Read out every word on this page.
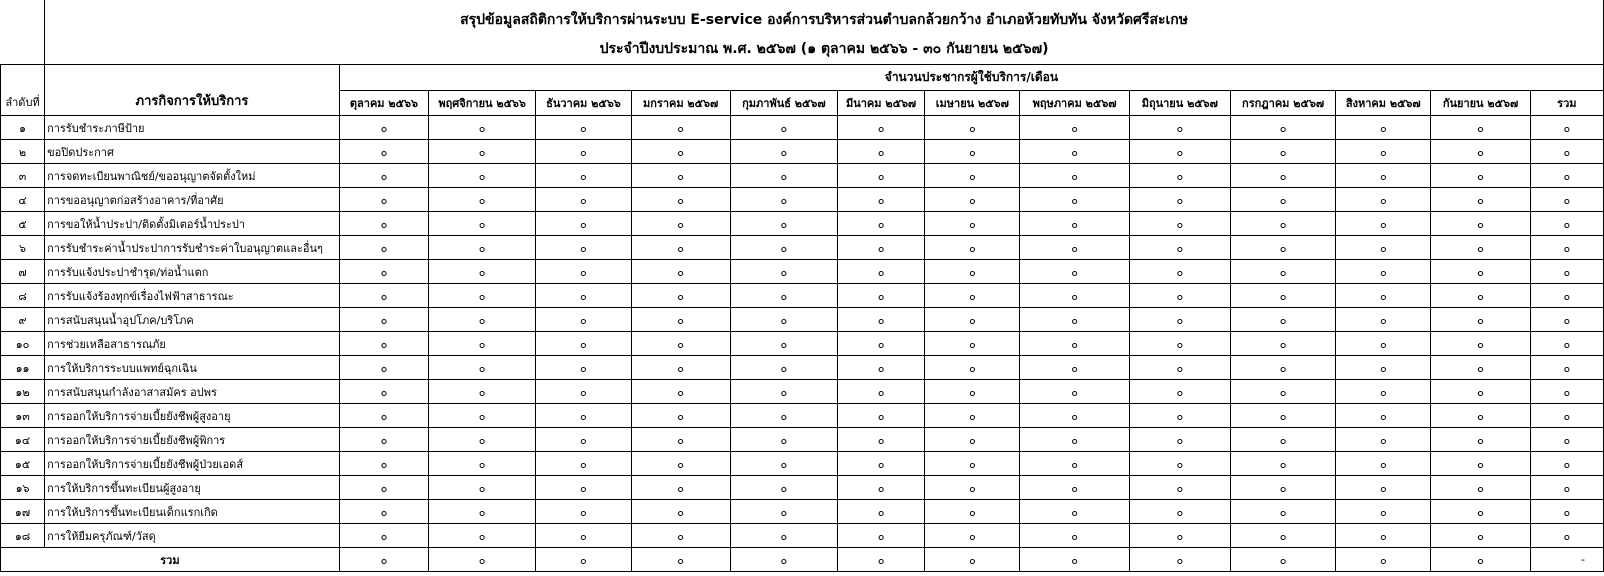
	สรุปข้อมูลสถิติการให้บริการผ่านระบบ E-service องค์การบริหารส่วนตำบลกล้วยกว้าง อำเภอห้วยทับทัน จังหวัดศรีสะเกษ													
	ประจำปีงบประมาณ พ.ศ. ๒๕๖๗ (๑ ตุลาคม ๒๕๖๖ - ๓๐ กันยายน ๒๕๖๗)													
ลำดับที่	ภารกิจการให้บริการ	จำนวนประชากรผู้ใช้บริการ/เดือน												
		ตุลาคม ๒๕๖๖	พฤศจิกายน ๒๕๖๖	ธันวาคม ๒๕๖๖	มกราคม ๒๕๖๗	กุมภาพันธ์ ๒๕๖๗	มีนาคม ๒๕๖๗	เมษายน ๒๕๖๗	พฤษภาคม ๒๕๖๗	มิถุนายน ๒๕๖๗	กรกฎาคม ๒๕๖๗	สิงหาคม ๒๕๖๗	กันยายน ๒๕๖๗	รวม
๑	การรับชำระภาษีป้าย	๐	๐	๐	๐	๐	๐	๐	๐	๐	๐	๐	๐	๐
๒	ขอปิดประกาศ	๐	๐	๐	๐	๐	๐	๐	๐	๐	๐	๐	๐	๐
๓	การจดทะเบียนพาณิชย์/ขออนุญาตจัดตั้งใหม่	๐	๐	๐	๐	๐	๐	๐	๐	๐	๐	๐	๐	๐
๔	การขออนุญาตก่อสร้างอาคาร/ที่อาศัย	๐	๐	๐	๐	๐	๐	๐	๐	๐	๐	๐	๐	๐
๕	การขอให้น้ำประปา/ติดตั้งมิเตอร์น้ำประปา	๐	๐	๐	๐	๐	๐	๐	๐	๐	๐	๐	๐	๐
๖	การรับชำระค่าน้ำประปาการรับชำระค่าใบอนุญาตและอื่นๆ	๐	๐	๐	๐	๐	๐	๐	๐	๐	๐	๐	๐	๐
๗	การรับแจ้งประปาชำรุด/ท่อน้ำแตก	๐	๐	๐	๐	๐	๐	๐	๐	๐	๐	๐	๐	๐
๘	การรับแจ้งร้องทุกข์เรื่องไฟฟ้าสาธารณะ	๐	๐	๐	๐	๐	๐	๐	๐	๐	๐	๐	๐	๐
๙	การสนับสนุนน้ำอุปโภค/บริโภค	๐	๐	๐	๐	๐	๐	๐	๐	๐	๐	๐	๐	๐
๑๐	การช่วยเหลือสาธารณภัย	๐	๐	๐	๐	๐	๐	๐	๐	๐	๐	๐	๐	๐
๑๑	การให้บริการระบบแพทย์ฉุกเฉิน	๐	๐	๐	๐	๐	๐	๐	๐	๐	๐	๐	๐	๐
๑๒	การสนับสนุนกำลังอาสาสมัคร อปพร	๐	๐	๐	๐	๐	๐	๐	๐	๐	๐	๐	๐	๐
๑๓	การออกให้บริการจ่ายเบี้ยยังชีพผู้สูงอายุ	๐	๐	๐	๐	๐	๐	๐	๐	๐	๐	๐	๐	๐
๑๔	การออกให้บริการจ่ายเบี้ยยังชีพผู้พิการ	๐	๐	๐	๐	๐	๐	๐	๐	๐	๐	๐	๐	๐
๑๕	การออกให้บริการจ่ายเบี้ยยังชีพผู้ป่วยเอดส์	๐	๐	๐	๐	๐	๐	๐	๐	๐	๐	๐	๐	๐
๑๖	การให้บริการขึ้นทะเบียนผู้สูงอายุ	๐	๐	๐	๐	๐	๐	๐	๐	๐	๐	๐	๐	๐
๑๗	การให้บริการขึ้นทะเบียนเด็กแรกเกิด	๐	๐	๐	๐	๐	๐	๐	๐	๐	๐	๐	๐	๐
๑๘	การให้ยืมครุภัณฑ์/วัสดุ	๐	๐	๐	๐	๐	๐	๐	๐	๐	๐	๐	๐	๐
รวม		๐	๐	๐	๐	๐	๐	๐	๐	๐	๐	๐	๐	-
